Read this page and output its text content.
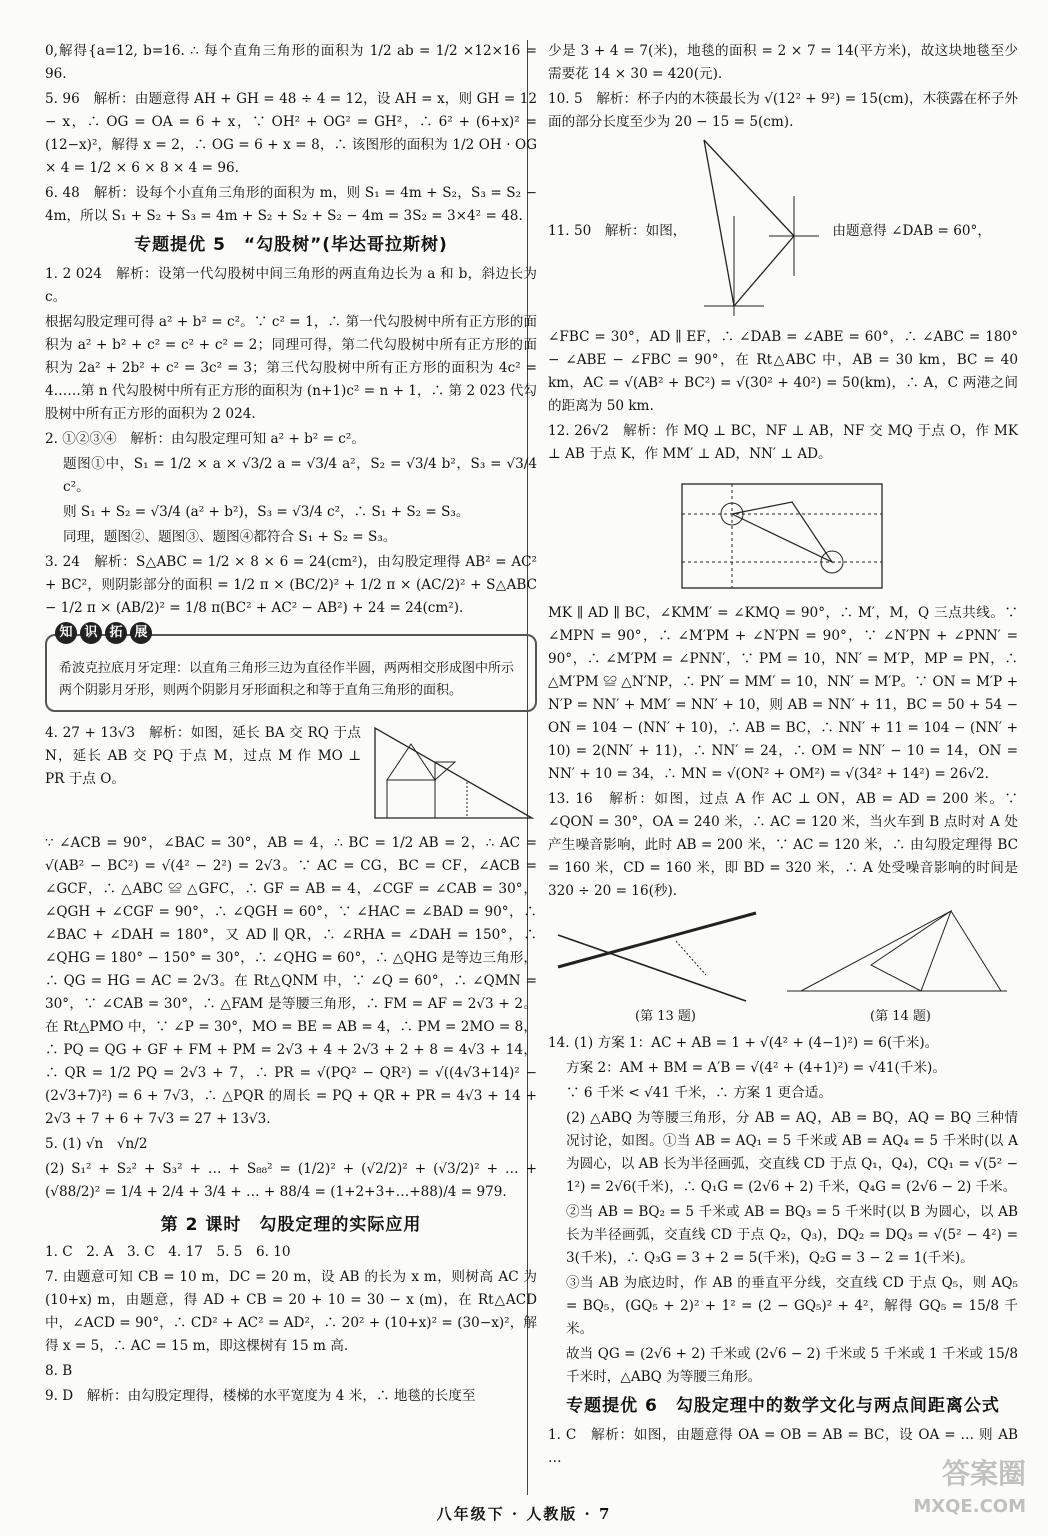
0,解得{a=12, b=16. ∴ 每个直角三角形的面积为 1/2 ab = 1/2 ×12×16 = 96.

5. 96　解析：由题意得 AH + GH = 48 ÷ 4 = 12，设 AH = x，则 GH = 12 − x，∴ OG = OA = 6 + x，∵ OH² + OG² = GH²，∴ 6² + (6+x)² = (12−x)²，解得 x = 2，∴ OG = 6 + x = 8，∴ 该图形的面积为 1/2 OH · OG × 4 = 1/2 × 6 × 8 × 4 = 96.

6. 48　解析：设每个小直角三角形的面积为 m，则 S₁ = 4m + S₂，S₃ = S₂ − 4m，所以 S₁ + S₂ + S₃ = 4m + S₂ + S₂ + S₂ − 4m = 3S₂ = 3×4² = 48.

专题提优 5　“勾股树”(毕达哥拉斯树)

1. 2 024　解析：设第一代勾股树中间三角形的两直角边长为 a 和 b，斜边长为 c。

根据勾股定理可得 a² + b² = c²。∵ c² = 1，∴ 第一代勾股树中所有正方形的面积为 a² + b² + c² = c² + c² = 2；同理可得，第二代勾股树中所有正方形的面积为 2a² + 2b² + c² = 3c² = 3；第三代勾股树中所有正方形的面积为 4c² = 4……第 n 代勾股树中所有正方形的面积为 (n+1)c² = n + 1，∴ 第 2 023 代勾股树中所有正方形的面积为 2 024.

2. ①②③④　解析：由勾股定理可知 a² + b² = c²。

题图①中，S₁ = 1/2 × a × √3/2 a = √3/4 a²，S₂ = √3/4 b²，S₃ = √3/4 c²。

则 S₁ + S₂ = √3/4 (a² + b²)，S₃ = √3/4 c²，∴ S₁ + S₂ = S₃。

同理，题图②、题图③、题图④都符合 S₁ + S₂ = S₃。

3. 24　解析：S△ABC = 1/2 × 8 × 6 = 24(cm²)，由勾股定理得 AB² = AC² + BC²，则阴影部分的面积 = 1/2 π × (BC/2)² + 1/2 π × (AC/2)² + S△ABC − 1/2 π × (AB/2)² = 1/8 π(BC² + AC² − AB²) + 24 = 24(cm²).

知 识 拓 展
希波克拉底月牙定理：以直角三角形三边为直径作半圆，两两相交形成图中所示两个阴影月牙形，则两个阴影月牙形面积之和等于直角三角形的面积。

4. 27 + 13√3　解析：如图，延长 BA 交 RQ 于点 N，延长 AB 交 PQ 于点 M，过点 M 作 MO ⊥ PR 于点 O。

∵ ∠ACB = 90°，∠BAC = 30°，AB = 4，∴ BC = 1/2 AB = 2，∴ AC = √(AB² − BC²) = √(4² − 2²) = 2√3。∵ AC = CG，BC = CF，∠ACB = ∠GCF，∴ △ABC ≌ △GFC，∴ GF = AB = 4，∠CGF = ∠CAB = 30°，∠QGH + ∠CGF = 90°，∴ ∠QGH = 60°，∵ ∠HAC = ∠BAD = 90°，∴ ∠BAC + ∠DAH = 180°，又 AD ∥ QR，∴ ∠RHA = ∠DAH = 150°，∴ ∠QHG = 180° − 150° = 30°，∴ ∠QHG = 60°，∴ △QHG 是等边三角形，∴ QG = HG = AC = 2√3。在 Rt△QNM 中，∵ ∠Q = 60°，∴ ∠QMN = 30°，∵ ∠CAB = 30°，∴ △FAM 是等腰三角形，∴ FM = AF = 2√3 + 2。在 Rt△PMO 中，∵ ∠P = 30°，MO = BE = AB = 4，∴ PM = 2MO = 8，∴ PQ = QG + GF + FM + PM = 2√3 + 4 + 2√3 + 2 + 8 = 4√3 + 14，∴ QR = 1/2 PQ = 2√3 + 7，∴ PR = √(PQ² − QR²) = √((4√3+14)² − (2√3+7)²) = 6 + 7√3，∴ △PQR 的周长 = PQ + QR + PR = 4√3 + 14 + 2√3 + 7 + 6 + 7√3 = 27 + 13√3.

5. (1) √n　√n/2

(2) S₁² + S₂² + S₃² + … + S₈₈² = (1/2)² + (√2/2)² + (√3/2)² + … + (√88/2)² = 1/4 + 2/4 + 3/4 + … + 88/4 = (1+2+3+…+88)/4 = 979.

第 2 课时　勾股定理的实际应用

1. C　2. A　3. C　4. 17　5. 5　6. 10

7. 由题意可知 CB = 10 m，DC = 20 m，设 AB 的长为 x m，则树高 AC 为 (10+x) m，由题意，得 AD + CB = 20 + 10 = 30 − x (m)，在 Rt△ACD 中，∠ACD = 90°，∴ CD² + AC² = AD²，∴ 20² + (10+x)² = (30−x)²，解得 x = 5，∴ AC = 15 m，即这棵树有 15 m 高.

8. B

9. D　解析：由勾股定理得，楼梯的水平宽度为 4 米，∴ 地毯的长度至

少是 3 + 4 = 7(米)，地毯的面积 = 2 × 7 = 14(平方米)，故这块地毯至少需要花 14 × 30 = 420(元).

10. 5　解析：杯子内的木筷最长为 √(12² + 9²) = 15(cm)，木筷露在杯子外面的部分长度至少为 20 − 15 = 5(cm).

11. 50　解析：如图，	由题意得 ∠DAB = 60°，

∠FBC = 30°，AD ∥ EF，∴ ∠DAB = ∠ABE = 60°，∴ ∠ABC = 180° − ∠ABE − ∠FBC = 90°，在 Rt△ABC 中，AB = 30 km，BC = 40 km，AC = √(AB² + BC²) = √(30² + 40²) = 50(km)，∴ A，C 两港之间的距离为 50 km.

12. 26√2　解析：作 MQ ⊥ BC，NF ⊥ AB，NF 交 MQ 于点 O，作 MK ⊥ AB 于点 K，作 MM′ ⊥ AD，NN′ ⊥ AD。

MK ∥ AD ∥ BC，∠KMM′ = ∠KMQ = 90°，∴ M′，M，Q 三点共线。∵ ∠MPN = 90°，∴ ∠M′PM + ∠N′PN = 90°，∵ ∠N′PN + ∠PNN′ = 90°，∴ ∠M′PM = ∠PNN′，∵ PM = 10，NN′ = M′P，MP = PN，∴ △M′PM ≌ △N′NP，∴ PN′ = MM′ = 10，NN′ = M′P。∵ ON = M′P + N′P = NN′ + MM′ = NN′ + 10，则 AB = NN′ + 11，BC = 50 + 54 − ON = 104 − (NN′ + 10)，∴ AB = BC，∴ NN′ + 11 = 104 − (NN′ + 10) = 2(NN′ + 11)，∴ NN′ = 24，∴ OM = NN′ − 10 = 14，ON = NN′ + 10 = 34，∴ MN = √(ON² + OM²) = √(34² + 14²) = 26√2.

13. 16　解析：如图，过点 A 作 AC ⊥ ON，AB = AD = 200 米。∵ ∠QON = 30°，OA = 240 米，∴ AC = 120 米，当火车到 B 点时对 A 处产生噪音影响，此时 AB = 200 米，∵ AC = 120 米，∴ 由勾股定理得 BC = 160 米，CD = 160 米，即 BD = 320 米，∴ A 处受噪音影响的时间是 320 ÷ 20 = 16(秒).

(第 13 题)	(第 14 题)

14. (1) 方案 1：AC + AB = 1 + √(4² + (4−1)²) = 6(千米)。

方案 2：AM + BM = A′B = √(4² + (4+1)²) = √41(千米)。

∵ 6 千米 < √41 千米，∴ 方案 1 更合适。

(2) △ABQ 为等腰三角形，分 AB = AQ，AB = BQ，AQ = BQ 三种情况讨论，如图。①当 AB = AQ₁ = 5 千米或 AB = AQ₄ = 5 千米时(以 A 为圆心，以 AB 长为半径画弧，交直线 CD 于点 Q₁，Q₄)，CQ₁ = √(5² − 1²) = 2√6(千米)，∴ Q₁G = (2√6 + 2) 千米，Q₄G = (2√6 − 2) 千米。

②当 AB = BQ₂ = 5 千米或 AB = BQ₃ = 5 千米时(以 B 为圆心，以 AB 长为半径画弧，交直线 CD 于点 Q₂，Q₃)，DQ₂ = DQ₃ = √(5² − 4²) = 3(千米)，∴ Q₃G = 3 + 2 = 5(千米)，Q₂G = 3 − 2 = 1(千米)。

③当 AB 为底边时，作 AB 的垂直平分线，交直线 CD 于点 Q₅，则 AQ₅ = BQ₅，(GQ₅ + 2)² + 1² = (2 − GQ₅)² + 4²，解得 GQ₅ = 15/8 千米。

故当 QG = (2√6 + 2) 千米或 (2√6 − 2) 千米或 5 千米或 1 千米或 15/8 千米时，△ABQ 为等腰三角形。

专题提优 6　勾股定理中的数学文化与两点间距离公式

1. C　解析：如图，由题意得 OA = OB = AB = BC，设 OA = … 则 AB …

八年级下 · 人教版 · 7
答案圈
MXQE.COM
